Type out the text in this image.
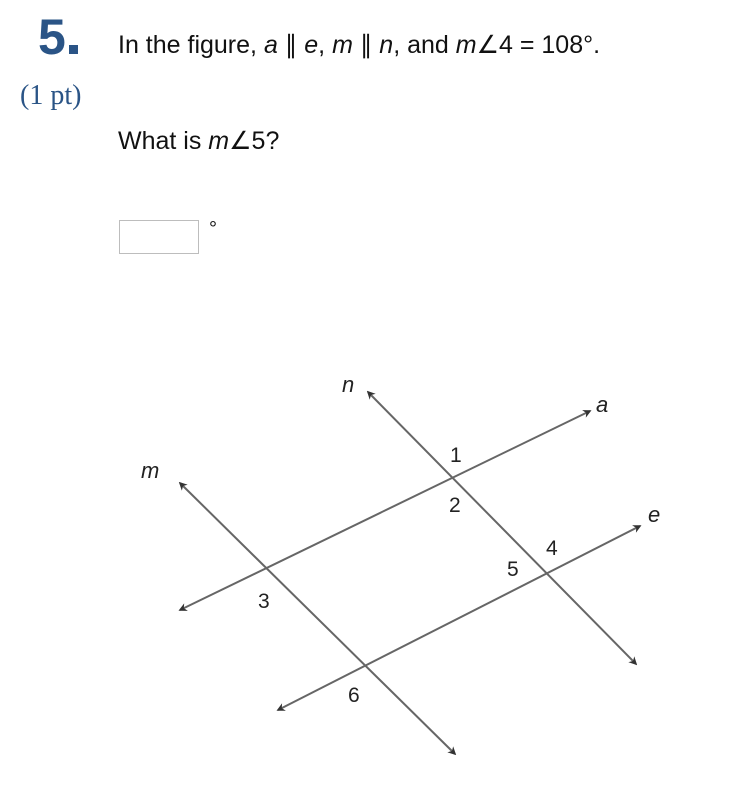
5
(1 pt)
In the figure, a ∥ e, m ∥ n, and m∠4 = 108°.
What is m∠5?
°
n
a
m
e
1
2
3
4
5
6
